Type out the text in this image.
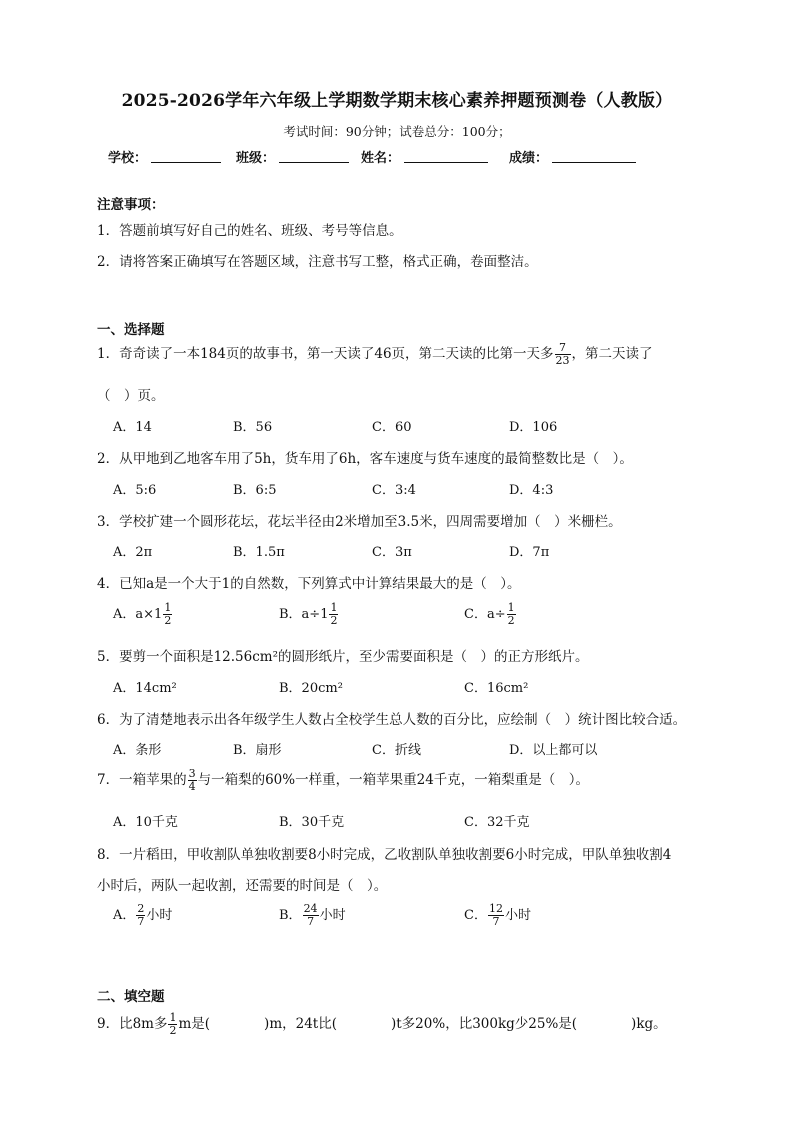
2025-2026学年六年级上学期数学期末核心素养押题预测卷（人教版）
考试时间：90分钟；试卷总分：100分；
学校：	班级：	姓名：	成绩：
注意事项：
1．答题前填写好自己的姓名、班级、考号等信息。
2．请将答案正确填写在答题区域，注意书写工整，格式正确，卷面整洁。
一、选择题
1．奇奇读了一本184页的故事书，第一天读了46页，第二天读的比第一天多 $\frac{7}{23}$ ，第二天读了
（　）页。
A．14	B．56	C．60	D．106
2．从甲地到乙地客车用了5h，货车用了6h，客车速度与货车速度的最简整数比是（　）。
A．5:6	B．6:5	C．3:4	D．4:3
3．学校扩建一个圆形花坛，花坛半径由2米增加至3.5米，四周需要增加（　）米栅栏。
A．2π	B．1.5π	C．3π	D．7π
4．已知a是一个大于1的自然数，下列算式中计算结果最大的是（　）。
A．$a\times 1 \frac{1}{2}$	B．$a\div 1 \frac{1}{2}$	C．$a\div \frac{1}{2}$
5．要剪一个面积是12.56cm²的圆形纸片，至少需要面积是（　）的正方形纸片。
A．14cm²	B．20cm²	C．16cm²
6．为了清楚地表示出各年级学生人数占全校学生总人数的百分比，应绘制（　）统计图比较合适。
A．条形	B．扇形	C．折线	D．以上都可以
7．一箱苹果的 $\frac{3}{4}$ 与一箱梨的60%一样重，一箱苹果重24千克，一箱梨重是（　）。
A．10千克	B．30千克	C．32千克
8．一片稻田，甲收割队单独收割要8小时完成，乙收割队单独收割要6小时完成，甲队单独收割4
小时后，两队一起收割，还需要的时间是（　）。
A． $\frac{2}{7}$ 小时	B． $\frac{24}{7}$ 小时	C． $\frac{12}{7}$ 小时
二、填空题
9．比8m多 $\frac{1}{2}$ m是(　　　　)m，24t比(　　　　)t多20%，比300kg少25%是(　　　　)kg。
